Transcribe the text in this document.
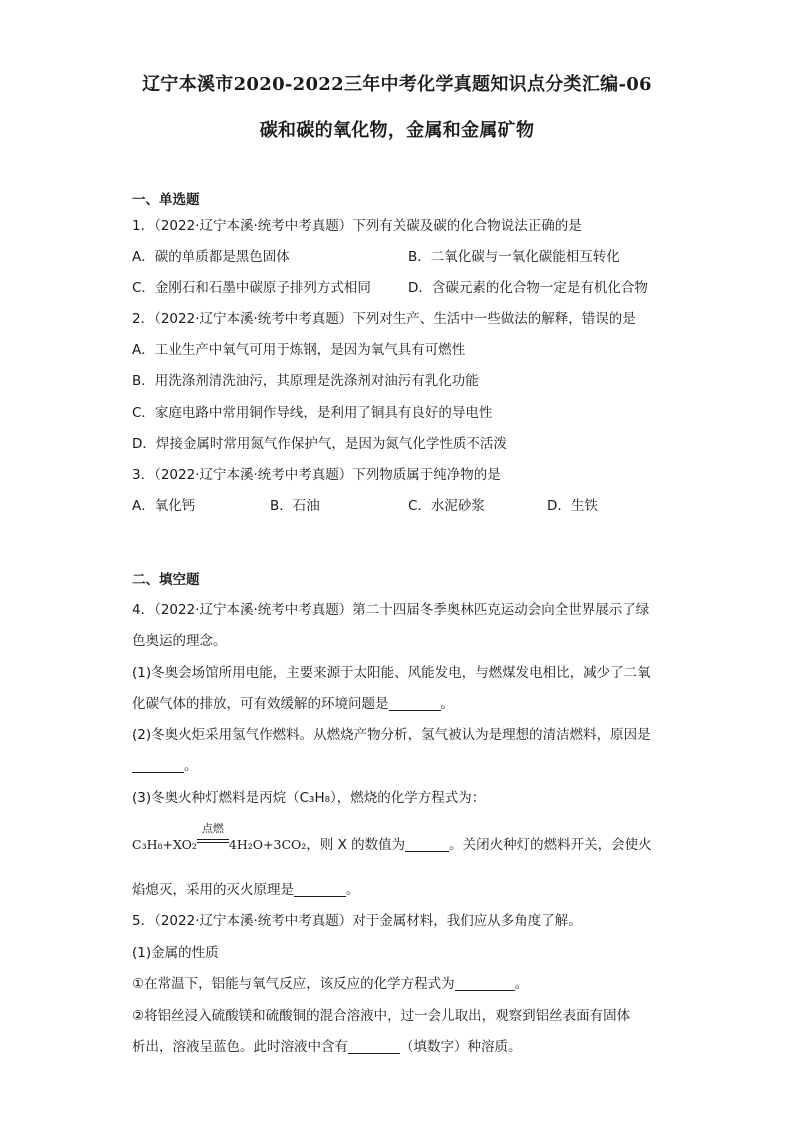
辽宁本溪市2020-2022三年中考化学真题知识点分类汇编-06
碳和碳的氧化物，金属和金属矿物
一、单选题
1．（2022·辽宁本溪·统考中考真题）下列有关碳及碳的化合物说法正确的是
A．碳的单质都是黑色固体	B．二氧化碳与一氧化碳能相互转化
C．金刚石和石墨中碳原子排列方式相同	D．含碳元素的化合物一定是有机化合物
2．（2022·辽宁本溪·统考中考真题）下列对生产、生活中一些做法的解释，错误的是
A．工业生产中氧气可用于炼钢，是因为氧气具有可燃性
B．用洗涤剂清洗油污，其原理是洗涤剂对油污有乳化功能
C．家庭电路中常用铜作导线，是利用了铜具有良好的导电性
D．焊接金属时常用氮气作保护气，是因为氮气化学性质不活泼
3．（2022·辽宁本溪·统考中考真题）下列物质属于纯净物的是
A．氧化钙	B．石油	C．水泥砂浆	D．生铁
二、填空题
4．（2022·辽宁本溪·统考中考真题）第二十四届冬季奥林匹克运动会向全世界展示了绿
色奥运的理念。
(1)冬奥会场馆所用电能，主要来源于太阳能、风能发电，与燃煤发电相比，减少了二氧
化碳气体的排放，可有效缓解的环境问题是	。
(2)冬奥火炬采用氢气作燃料。从燃烧产物分析，氢气被认为是理想的清洁燃料，原因是
。
(3)冬奥火种灯燃料是丙烷（C₃H₈），燃烧的化学方程式为：
C₃H₈+XO₂
点燃
4H₂O+3CO₂，则 X 的数值为	。关闭火种灯的燃料开关，会使火
焰熄灭，采用的灭火原理是	。
5．（2022·辽宁本溪·统考中考真题）对于金属材料，我们应从多角度了解。
(1)金属的性质
①在常温下，铝能与氧气反应，该反应的化学方程式为	。
②将铝丝浸入硫酸镁和硫酸铜的混合溶液中，过一会儿取出，观察到铝丝表面有固体
析出，溶液呈蓝色。此时溶液中含有	（填数字）种溶质。
